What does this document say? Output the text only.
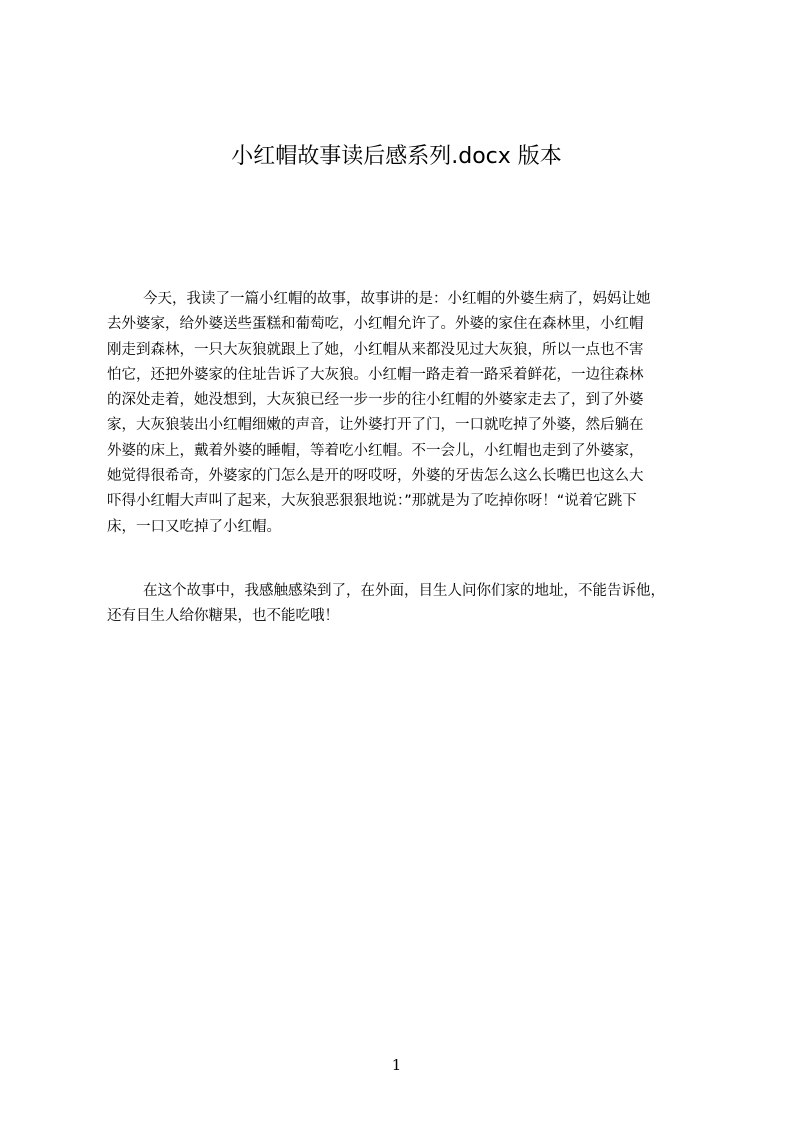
小红帽故事读后感系列.docx 版本
今天，我读了一篇小红帽的故事，故事讲的是：小红帽的外婆生病了，妈妈让她
去外婆家，给外婆送些蛋糕和葡萄吃，小红帽允许了。外婆的家住在森林里，小红帽
刚走到森林，一只大灰狼就跟上了她，小红帽从来都没见过大灰狼，所以一点也不害
怕它，还把外婆家的住址告诉了大灰狼。小红帽一路走着一路采着鲜花，一边往森林
的深处走着，她没想到，大灰狼已经一步一步的往小红帽的外婆家走去了，到了外婆
家，大灰狼装出小红帽细嫩的声音，让外婆打开了门，一口就吃掉了外婆，然后躺在
外婆的床上，戴着外婆的睡帽，等着吃小红帽。不一会儿，小红帽也走到了外婆家，
她觉得很希奇，外婆家的门怎么是开的呀哎呀，外婆的牙齿怎么这么长嘴巴也这么大
吓得小红帽大声叫了起来，大灰狼恶狠狠地说：”那就是为了吃掉你呀！“说着它跳下
床，一口又吃掉了小红帽。
在这个故事中，我感触感染到了，在外面，目生人问你们家的地址，不能告诉他，
还有目生人给你糖果，也不能吃哦！
1
